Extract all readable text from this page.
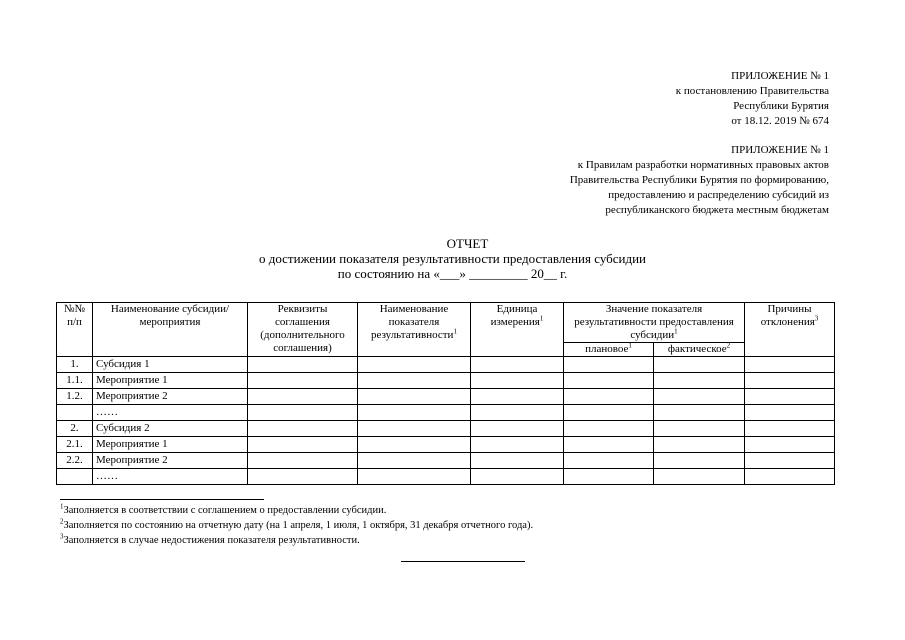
ПРИЛОЖЕНИЕ № 1

к постановлению Правительства

Республики Бурятия

от 18.12. 2019 № 674

ПРИЛОЖЕНИЕ № 1

к Правилам разработки нормативных правовых актов

Правительства Республики Бурятия по формированию,

предоставлению и распределению субсидий из

республиканского бюджета местным бюджетам

ОТЧЕТ

о достижении показателя результативности предоставления субсидии

по состоянию на «___» _________ 20__ г.

№№ п/п	Наименование субсидии/ мероприятия	Реквизиты соглашения (дополнительного соглашения)	Наименование показателя результативности$^1$	Единица измерения$^1$	Значение показателя результативности предоставления субсидии$^1$		Причины отклонения$^3$
					плановое$^1$	фактическое$^2$
1.	Субсидия 1						
1.1.	Мероприятие 1						
1.2.	Мероприятие 2						
	……						
2.	Субсидия 2						
2.1.	Мероприятие 1						
2.2.	Мероприятие 2						
	……						

$^1$Заполняется в соответствии с соглашением о предоставлении субсидии.

$^2$Заполняется по состоянию на отчетную дату (на 1 апреля, 1 июля, 1 октября, 31 декабря отчетного года).

$^3$Заполняется в случае недостижения показателя результативности.
